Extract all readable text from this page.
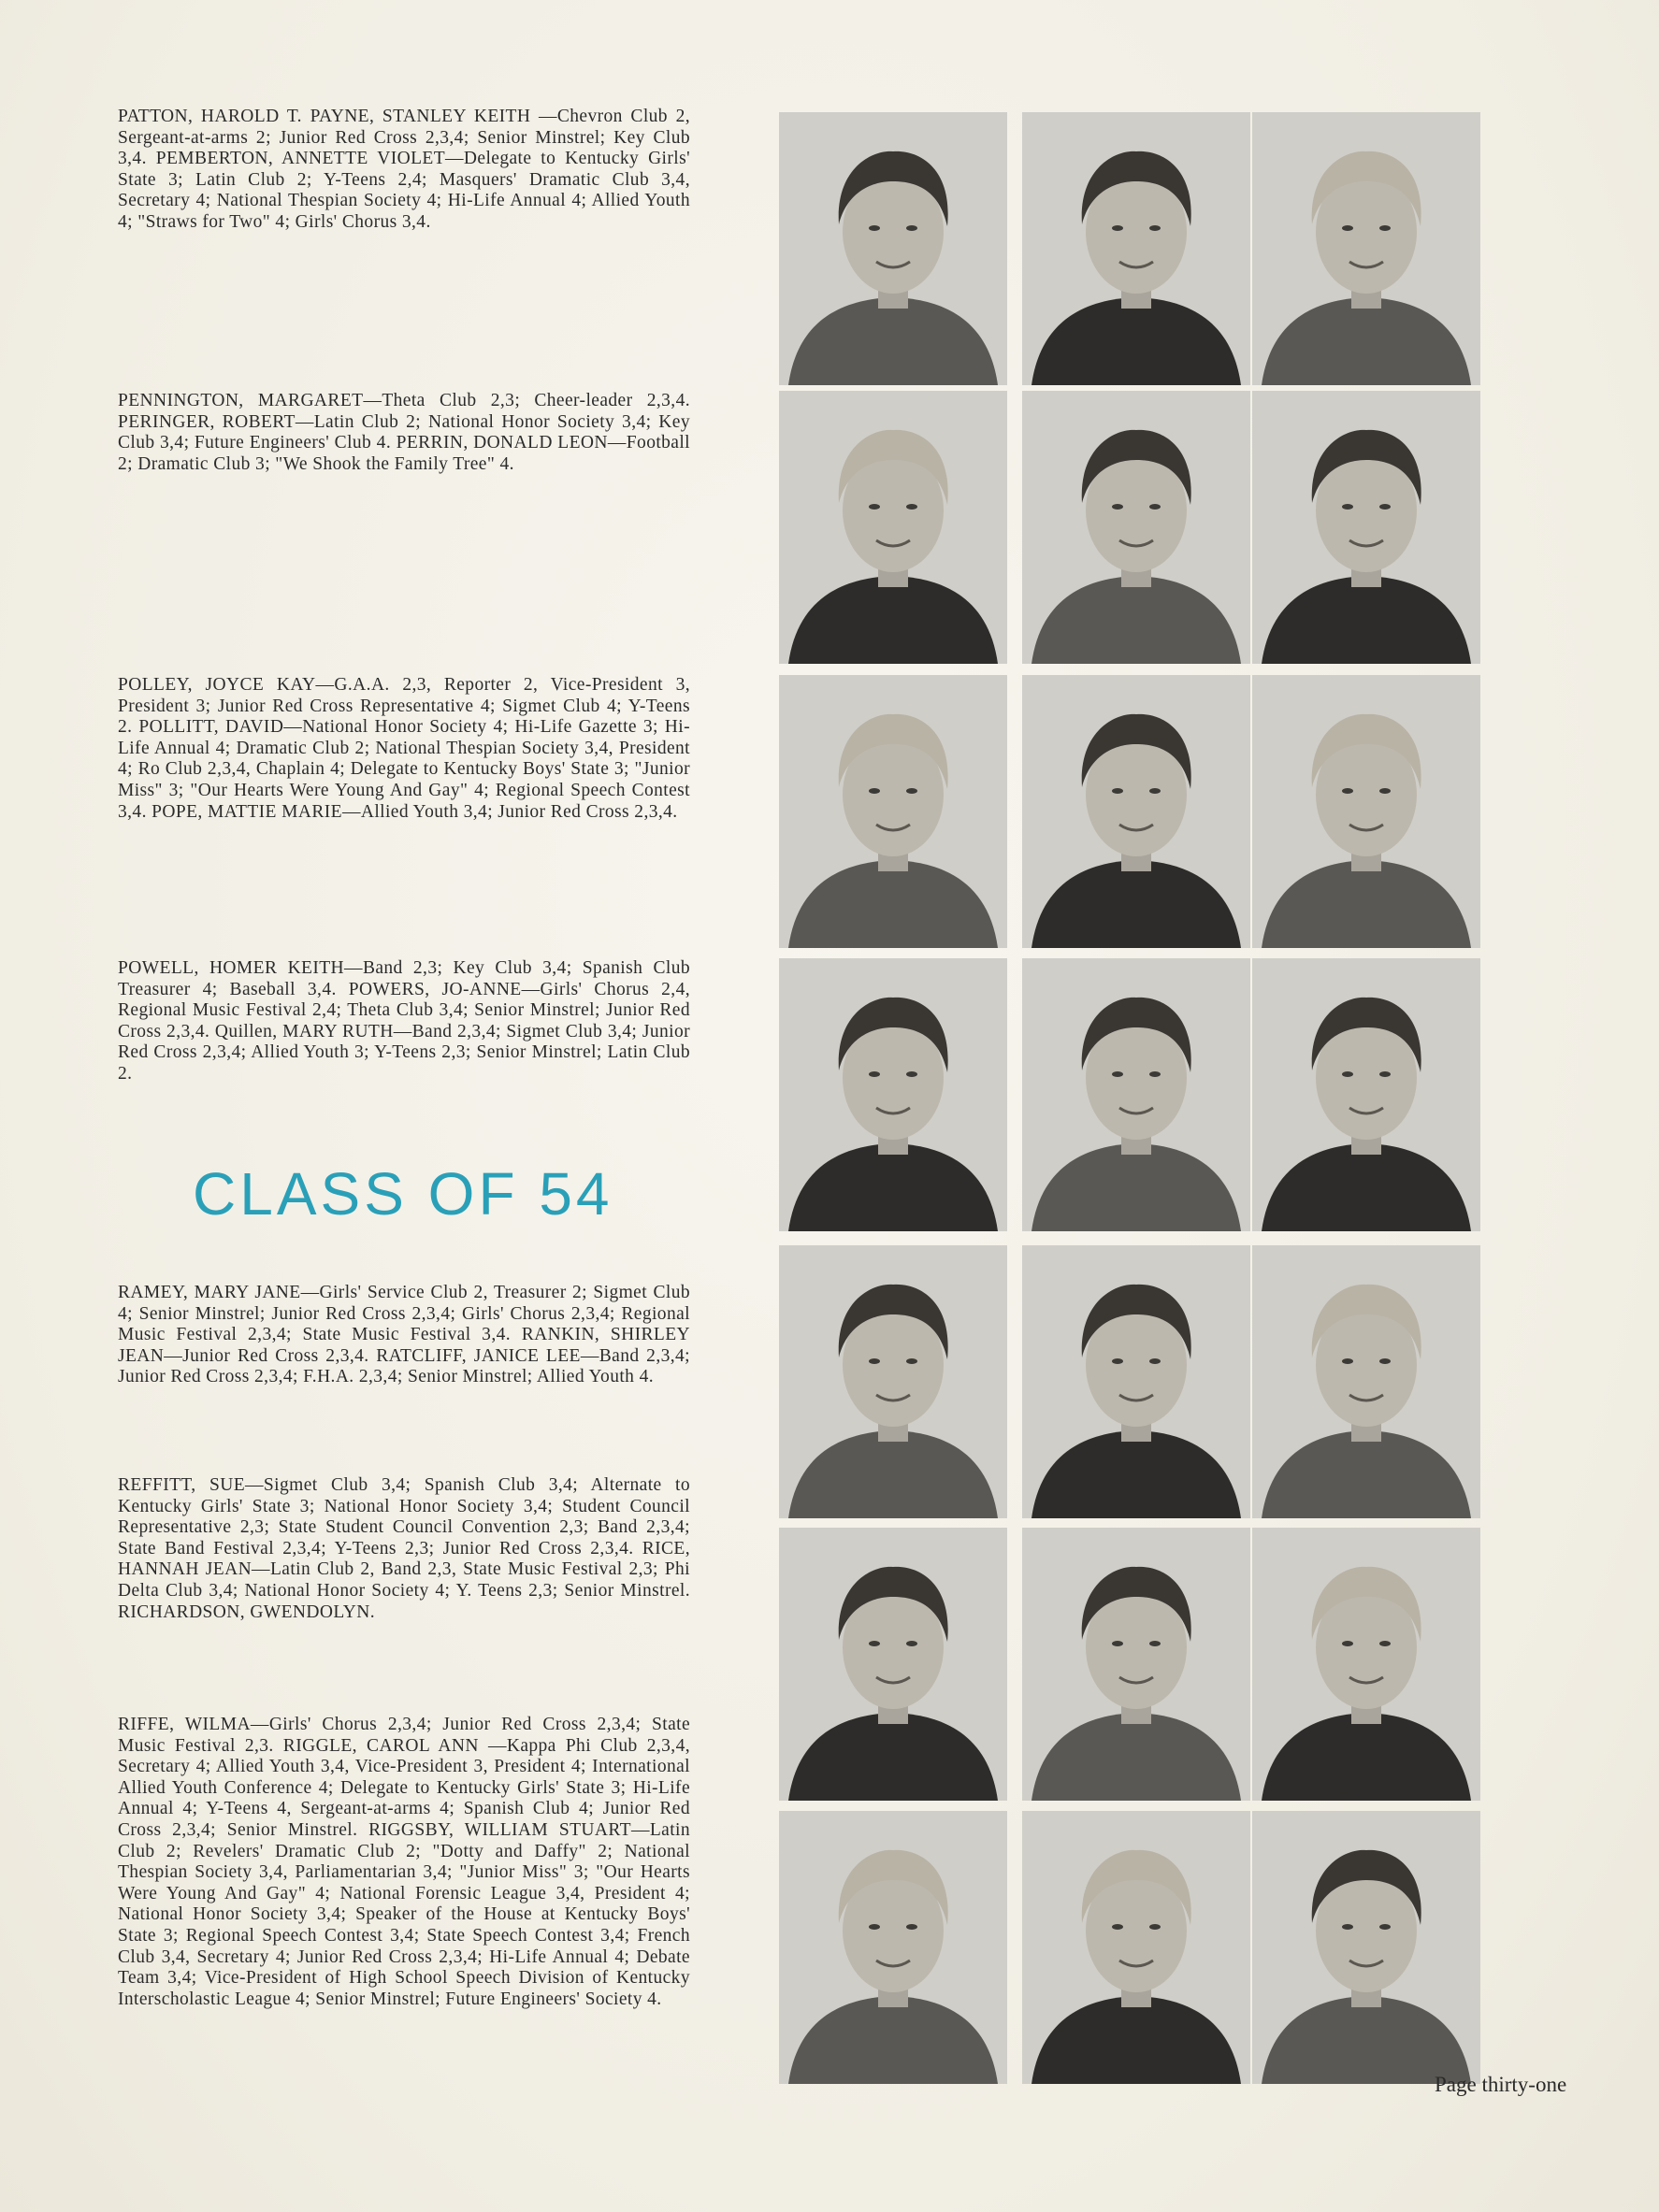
PATTON, HAROLD T. PAYNE, STANLEY KEITH —Chevron Club 2, Sergeant-at-arms 2; Junior Red Cross 2,3,4; Senior Minstrel; Key Club 3,4. PEMBERTON, ANNETTE VIOLET—Delegate to Kentucky Girls' State 3; Latin Club 2; Y-Teens 2,4; Masquers' Dramatic Club 3,4, Secretary 4; National Thespian Society 4; Hi-Life Annual 4; Allied Youth 4; "Straws for Two" 4; Girls' Chorus 3,4.

PENNINGTON, MARGARET—Theta Club 2,3; Cheer-leader 2,3,4. PERINGER, ROBERT—Latin Club 2; National Honor Society 3,4; Key Club 3,4; Future Engineers' Club 4. PERRIN, DONALD LEON—Football 2; Dramatic Club 3; "We Shook the Family Tree" 4.

POLLEY, JOYCE KAY—G.A.A. 2,3, Reporter 2, Vice-President 3, President 3; Junior Red Cross Representative 4; Sigmet Club 4; Y-Teens 2. POLLITT, DAVID—National Honor Society 4; Hi-Life Gazette 3; Hi-Life Annual 4; Dramatic Club 2; National Thespian Society 3,4, President 4; Ro Club 2,3,4, Chaplain 4; Delegate to Kentucky Boys' State 3; "Junior Miss" 3; "Our Hearts Were Young And Gay" 4; Regional Speech Contest 3,4. POPE, MATTIE MARIE—Allied Youth 3,4; Junior Red Cross 2,3,4.

POWELL, HOMER KEITH—Band 2,3; Key Club 3,4; Spanish Club Treasurer 4; Baseball 3,4. POWERS, JO-ANNE—Girls' Chorus 2,4, Regional Music Festival 2,4; Theta Club 3,4; Senior Minstrel; Junior Red Cross 2,3,4. Quillen, MARY RUTH—Band 2,3,4; Sigmet Club 3,4; Junior Red Cross 2,3,4; Allied Youth 3; Y-Teens 2,3; Senior Minstrel; Latin Club 2.

CLASS OF 54

RAMEY, MARY JANE—Girls' Service Club 2, Treasurer 2; Sigmet Club 4; Senior Minstrel; Junior Red Cross 2,3,4; Girls' Chorus 2,3,4; Regional Music Festival 2,3,4; State Music Festival 3,4. RANKIN, SHIRLEY JEAN—Junior Red Cross 2,3,4. RATCLIFF, JANICE LEE—Band 2,3,4; Junior Red Cross 2,3,4; F.H.A. 2,3,4; Senior Minstrel; Allied Youth 4.

REFFITT, SUE—Sigmet Club 3,4; Spanish Club 3,4; Alternate to Kentucky Girls' State 3; National Honor Society 3,4; Student Council Representative 2,3; State Student Council Convention 2,3; Band 2,3,4; State Band Festival 2,3,4; Y-Teens 2,3; Junior Red Cross 2,3,4. RICE, HANNAH JEAN—Latin Club 2, Band 2,3, State Music Festival 2,3; Phi Delta Club 3,4; National Honor Society 4; Y. Teens 2,3; Senior Minstrel. RICHARDSON, GWENDOLYN.

RIFFE, WILMA—Girls' Chorus 2,3,4; Junior Red Cross 2,3,4; State Music Festival 2,3. RIGGLE, CAROL ANN —Kappa Phi Club 2,3,4, Secretary 4; Allied Youth 3,4, Vice-President 3, President 4; International Allied Youth Conference 4; Delegate to Kentucky Girls' State 3; Hi-Life Annual 4; Y-Teens 4, Sergeant-at-arms 4; Spanish Club 4; Junior Red Cross 2,3,4; Senior Minstrel. RIGGSBY, WILLIAM STUART—Latin Club 2; Revelers' Dramatic Club 2; "Dotty and Daffy" 2; National Thespian Society 3,4, Parliamentarian 3,4; "Junior Miss" 3; "Our Hearts Were Young And Gay" 4; National Forensic League 3,4, President 4; National Honor Society 3,4; Speaker of the House at Kentucky Boys' State 3; Regional Speech Contest 3,4; State Speech Contest 3,4; French Club 3,4, Secretary 4; Junior Red Cross 2,3,4; Hi-Life Annual 4; Debate Team 3,4; Vice-President of High School Speech Division of Kentucky Interscholastic League 4; Senior Minstrel; Future Engineers' Society 4.

Page thirty-one
